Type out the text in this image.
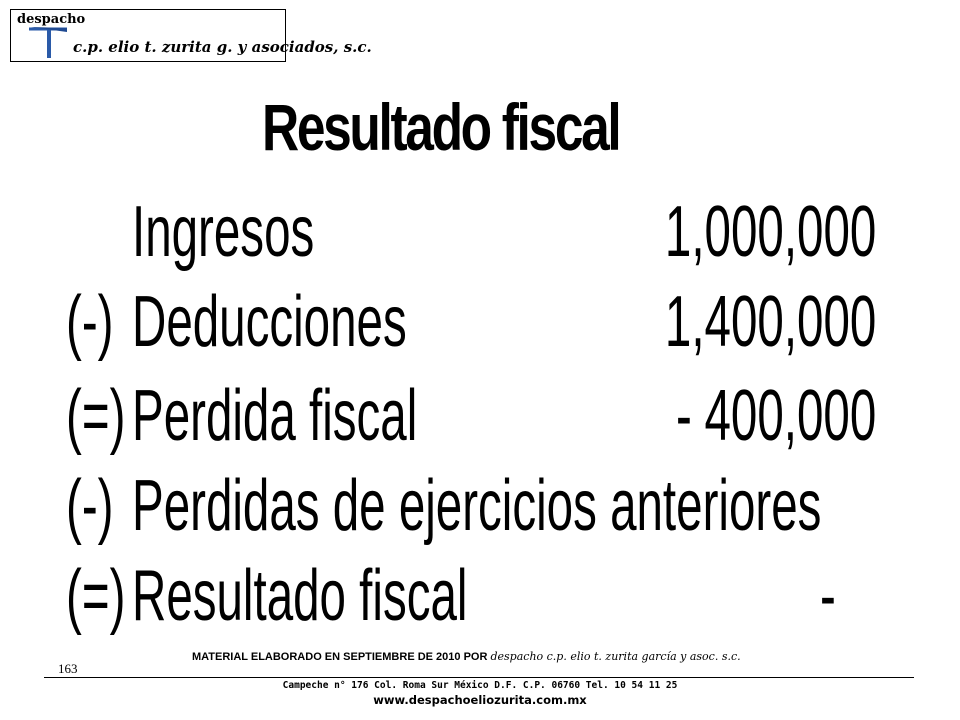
despacho
c.p. elio t. zurita g. y asociados, s.c.
Resultado fiscal
Ingresos	1,000,000
(-) Deducciones	1,400,000
(=) Perdida fiscal	- 400,000
(-) Perdidas de ejercicios anteriores
(=) Resultado fiscal	-
MATERIAL ELABORADO EN SEPTIEMBRE DE 2010 POR despacho c.p. elio t. zurita garcía y asoc. s.c.
163
Campeche n° 176 Col. Roma Sur México D.F. C.P. 06760 Tel. 10 54 11 25
www.despachoeliozurita.com.mx
